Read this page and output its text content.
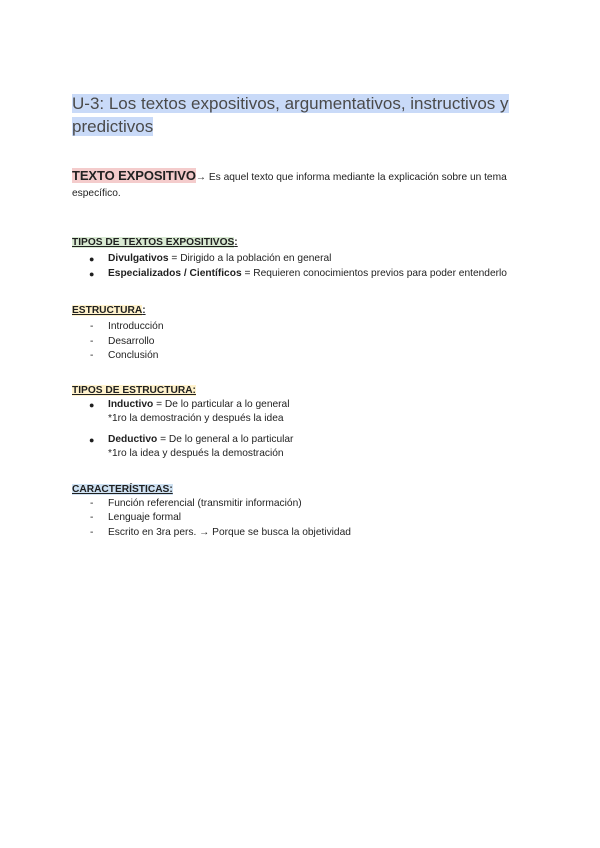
U-3: Los textos expositivos, argumentativos, instructivos y predictivos

TEXTO EXPOSITIVO→ Es aquel texto que informa mediante la explicación sobre un tema específico.

TIPOS DE TEXTOS EXPOSITIVOS:

● Divulgativos = Dirigido a la población en general
● Especializados / Científicos = Requieren conocimientos previos para poder entenderlo

ESTRUCTURA:

- Introducción
- Desarrollo
- Conclusión

TIPOS DE ESTRUCTURA:

● Inductivo = De lo particular a lo general
*1ro la demostración y después la idea
● Deductivo = De lo general a lo particular
*1ro la idea y después la demostración

CARACTERÍSTICAS:

- Función referencial (transmitir información)
- Lenguaje formal
- Escrito en 3ra pers. → Porque se busca la objetividad
